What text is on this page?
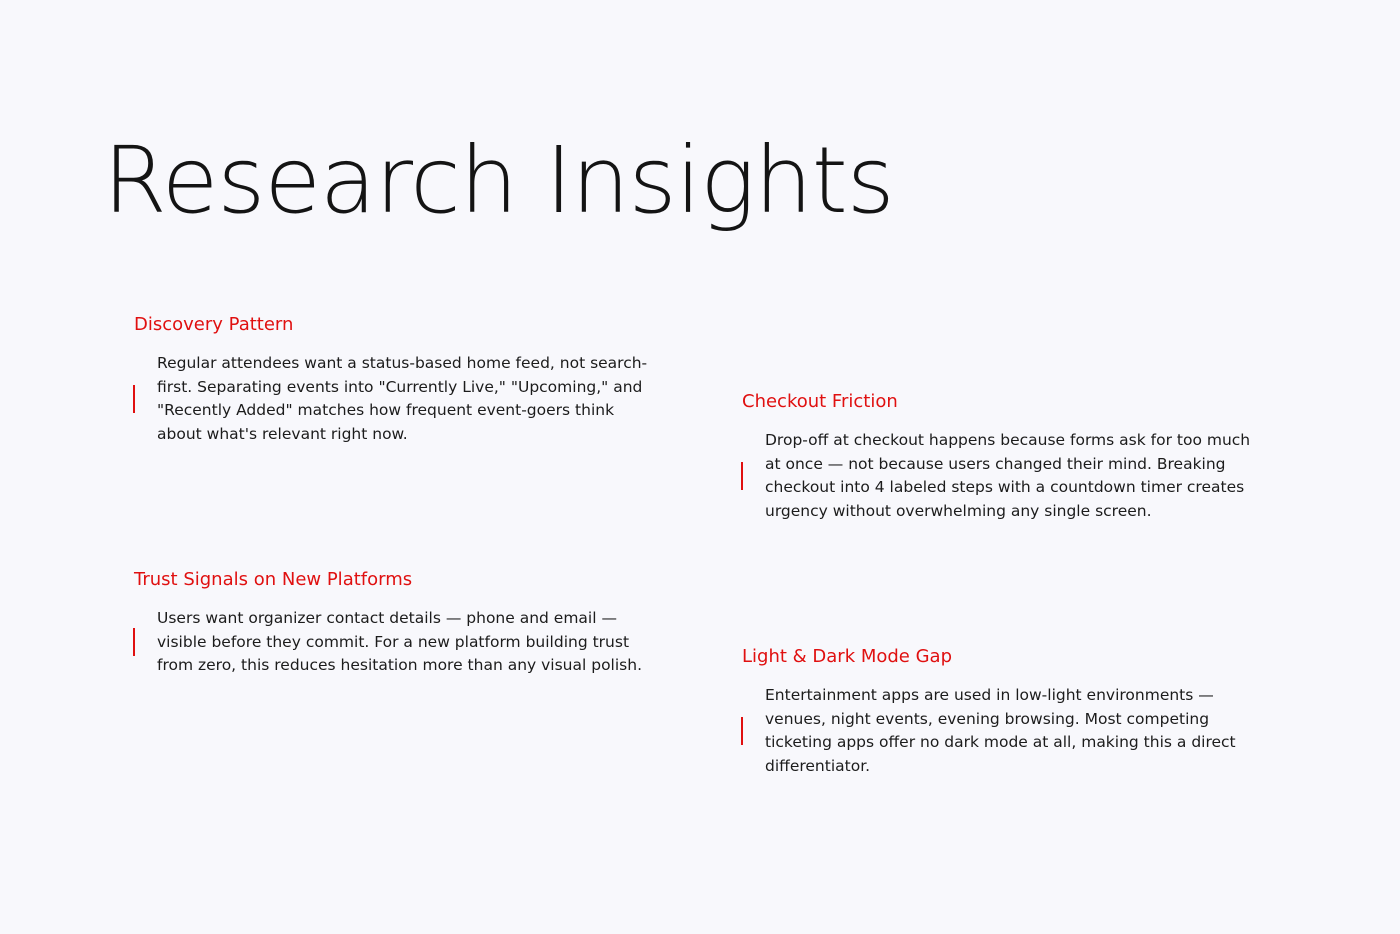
Research Insights
Discovery Pattern

Regular attendees want a status-based home feed, not search-first. Separating events into "Currently Live," "Upcoming," and "Recently Added" matches how frequent event-goers think about what's relevant right now.

Trust Signals on New Platforms

Users want organizer contact details — phone and email — visible before they commit. For a new platform building trust from zero, this reduces hesitation more than any visual polish.

Checkout Friction

Drop-off at checkout happens because forms ask for too much at once — not because users changed their mind. Breaking checkout into 4 labeled steps with a countdown timer creates urgency without overwhelming any single screen.

Light & Dark Mode Gap

Entertainment apps are used in low-light environments — venues, night events, evening browsing. Most competing ticketing apps offer no dark mode at all, making this a direct differentiator.
